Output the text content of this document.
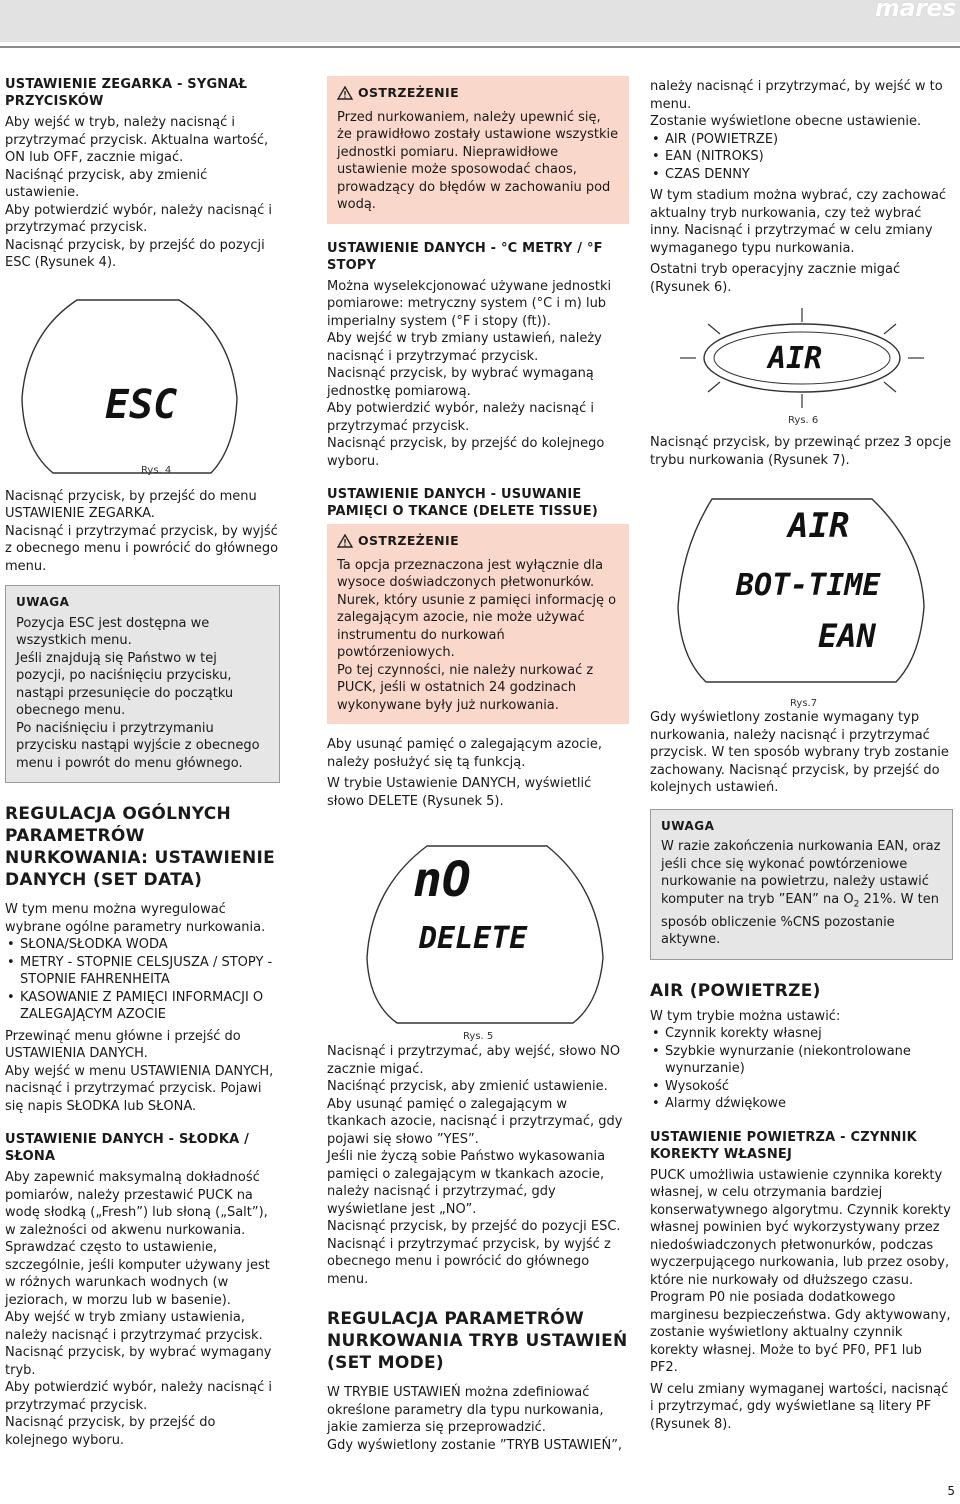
mares
USTAWIENIE ZEGARKA - SYGNAŁ PRZYCISKÓW

Aby wejść w tryb, należy nacisnąć i przytrzymać przycisk. Aktualna wartość, ON lub OFF, zacznie migać.

Naciśnąć przycisk, aby zmienić ustawienie.

Aby potwierdzić wybór, należy nacisnąć i przytrzymać przycisk.

Nacisnąć przycisk, by przejść do pozycji ESC (Rysunek 4).

ESC
Rys. 4

Nacisnąć przycisk, by przejść do menu USTAWIENIE ZEGARKA.

Nacisnąć i przytrzymać przycisk, by wyjść z obecnego menu i powrócić do głównego menu.

UWAGA

Pozycja ESC jest dostępna we wszystkich menu.

Jeśli znajdują się Państwo w tej pozycji, po naciśnięciu przycisku, nastąpi przesunięcie do początku obecnego menu.

Po naciśnięciu i przytrzymaniu przycisku nastąpi wyjście z obecnego menu i powrót do menu głównego.

REGULACJA OGÓLNYCH PARAMETRÓW NURKOWANIA: USTAWIENIE DANYCH (SET DATA)

W tym menu można wyregulować wybrane ogólne parametry nurkowania.

• SŁONA/SŁODKA WODA
• METRY - STOPNIE CELSJUSZA / STOPY - STOPNIE FAHRENHEITA
• KASOWANIE Z PAMIĘCI INFORMACJI O ZALEGAJĄCYM AZOCIE

Przewinąć menu główne i przejść do USTAWIENIA DANYCH.

Aby wejść w menu USTAWIENIA DANYCH, nacisnąć i przytrzymać przycisk. Pojawi się napis SŁODKA lub SŁONA.

USTAWIENIE DANYCH - SŁODKA / SŁONA

Aby zapewnić maksymalną dokładność pomiarów, należy przestawić PUCK na wodę słodką („Fresh”) lub słoną („Salt”), w zależności od akwenu nurkowania. Sprawdzać często to ustawienie, szczególnie, jeśli komputer używany jest w różnych warunkach wodnych (w jeziorach, w morzu lub w basenie).

Aby wejść w tryb zmiany ustawienia, należy nacisnąć i przytrzymać przycisk.

Nacisnąć przycisk, by wybrać wymagany tryb.

Aby potwierdzić wybór, należy nacisnąć i przytrzymać przycisk.

Nacisnąć przycisk, by przejść do kolejnego wyboru.

OSTRZEŻENIE

Przed nurkowaniem, należy upewnić się, że prawidłowo zostały ustawione wszystkie jednostki pomiaru. Nieprawidłowe ustawienie może sposowodać chaos, prowadzący do błędów w zachowaniu pod wodą.

USTAWIENIE DANYCH - °C METRY / °F STOPY

Można wyselekcjonować używane jednostki pomiarowe: metryczny system (°C i m) lub imperialny system (°F i stopy (ft)).

Aby wejść w tryb zmiany ustawień, należy nacisnąć i przytrzymać przycisk.

Nacisnąć przycisk, by wybrać wymaganą jednostkę pomiarową.

Aby potwierdzić wybór, należy nacisnąć i przytrzymać przycisk.

Nacisnąć przycisk, by przejść do kolejnego wyboru.

USTAWIENIE DANYCH - USUWANIE PAMIĘCI O TKANCE (DELETE TISSUE)
OSTRZEŻENIE

Ta opcja przeznaczona jest wyłącznie dla wysoce doświadczonych płetwonurków.

Nurek, który usunie z pamięci informację o zalegającym azocie, nie może używać instrumentu do nurkowań powtórzeniowych.

Po tej czynności, nie należy nurkować z PUCK, jeśli w ostatnich 24 godzinach wykonywane były już nurkowania.

Aby usunąć pamięć o zalegającym azocie, należy posłużyć się tą funkcją.

W trybie Ustawienie DANYCH, wyświetlić słowo DELETE (Rysunek 5).

nO
DELETE
Rys. 5

Nacisnąć i przytrzymać, aby wejść, słowo NO zacznie migać.

Naciśnąć przycisk, aby zmienić ustawienie.

Aby usunąć pamięć o zalegającym w tkankach azocie, nacisnąć i przytrzymać, gdy pojawi się słowo ”YES”.

Jeśli nie życzą sobie Państwo wykasowania pamięci o zalegającym w tkankach azocie, należy nacisnąć i przytrzymać, gdy wyświetlane jest „NO”.

Nacisnąć przycisk, by przejść do pozycji ESC.

Nacisnąć i przytrzymać przycisk, by wyjść z obecnego menu i powrócić do głównego menu.

REGULACJA PARAMETRÓW NURKOWANIA TRYB USTAWIEŃ (SET MODE)

W TRYBIE USTAWIEŃ można zdefiniować określone parametry dla typu nurkowania, jakie zamierza się przeprowadzić.

Gdy wyświetlony zostanie ”TRYB USTAWIEŃ”,

należy nacisnąć i przytrzymać, by wejść w to menu.

Zostanie wyświetlone obecne ustawienie.

• AIR (POWIETRZE)
• EAN (NITROKS)
• CZAS DENNY

W tym stadium można wybrać, czy zachować aktualny tryb nurkowania, czy też wybrać inny. Nacisnąć i przytrzymać w celu zmiany wymaganego typu nurkowania.

Ostatni tryb operacyjny zacznie migać (Rysunek 6).

AIR
Rys. 6

Nacisnąć przycisk, by przewinąć przez 3 opcje trybu nurkowania (Rysunek 7).

AIR
BOT-TIME
EAN
Rys.7

Gdy wyświetlony zostanie wymagany typ nurkowania, należy nacisnąć i przytrzymać przycisk. W ten sposób wybrany tryb zostanie zachowany. Nacisnąć przycisk, by przejść do kolejnych ustawień.

UWAGA

W razie zakończenia nurkowania EAN, oraz jeśli chce się wykonać powtórzeniowe nurkowanie na powietrzu, należy ustawić komputer na tryb ”EAN” na $O_2$ 21%. W ten sposób obliczenie %CNS pozostanie aktywne.

AIR (POWIETRZE)

W tym trybie można ustawić:

• Czynnik korekty własnej
• Szybkie wynurzanie (niekontrolowane wynurzanie)
• Wysokość
• Alarmy dźwiękowe
USTAWIENIE POWIETRZA - CZYNNIK KOREKTY WŁASNEJ

PUCK umożliwia ustawienie czynnika korekty własnej, w celu otrzymania bardziej konserwatywnego algorytmu. Czynnik korekty własnej powinien być wykorzystywany przez niedoświadczonych płetwonurków, podczas wyczerpującego nurkowania, lub przez osoby, które nie nurkowały od dłuższego czasu. Program P0 nie posiada dodatkowego marginesu bezpieczeństwa. Gdy aktywowany, zostanie wyświetlony aktualny czynnik korekty własnej. Może to być PF0, PF1 lub PF2.

W celu zmiany wymaganej wartości, nacisnąć i przytrzymać, gdy wyświetlane są litery PF (Rysunek 8).

5
